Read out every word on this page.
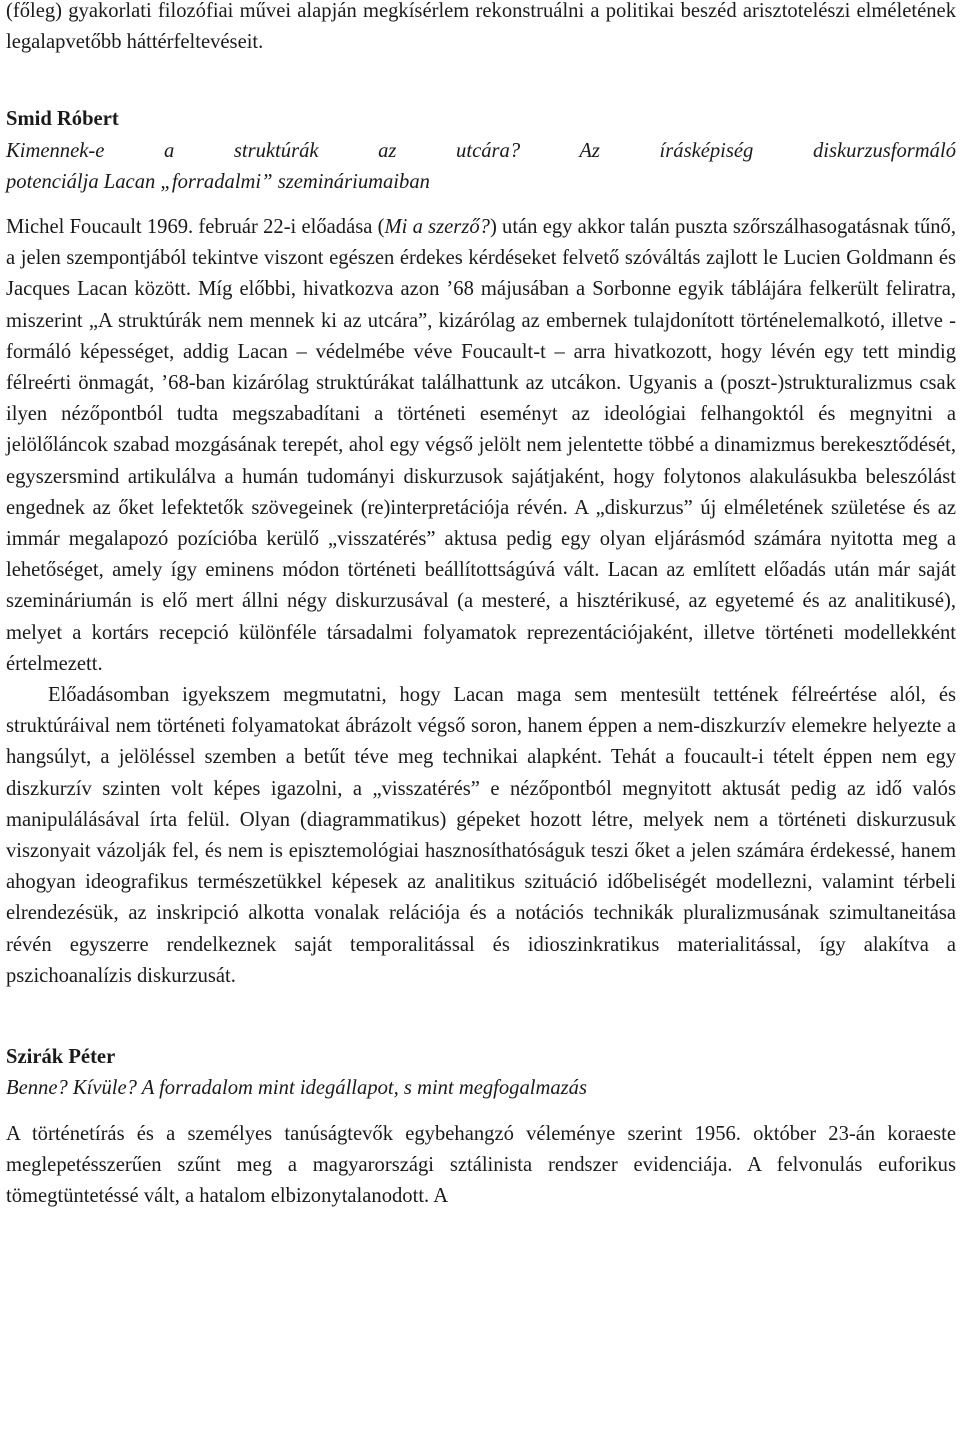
(főleg) gyakorlati filozófiai művei alapján megkísérlem rekonstruálni a politikai beszéd arisztotelészi elméletének legalapvetőbb háttérfeltevéseit.

Smid Róbert

Kimennek-e a struktúrák az utcára? Az írásképiség diskurzusformáló
potenciálja Lacan „forradalmi” szemináriumaiban

Michel Foucault 1969. február 22-i előadása (Mi a szerző?) után egy akkor talán puszta szőrszálhasogatásnak tűnő, a jelen szempontjából tekintve viszont egészen érdekes kérdéseket felvető szóváltás zajlott le Lucien Goldmann és Jacques Lacan között. Míg előbbi, hivatkozva azon ’68 májusában a Sorbonne egyik táblájára felkerült feliratra, miszerint „A struktúrák nem mennek ki az utcára”, kizárólag az embernek tulajdonított történelemalkotó, illetve -formáló képességet, addig Lacan – védelmébe véve Foucault-t – arra hivatkozott, hogy lévén egy tett mindig félreérti önmagát, ’68-ban kizárólag struktúrákat találhattunk az utcákon. Ugyanis a (poszt-)strukturalizmus csak ilyen nézőpontból tudta megszabadítani a történeti eseményt az ideológiai felhangoktól és megnyitni a jelölőláncok szabad mozgásának terepét, ahol egy végső jelölt nem jelentette többé a dinamizmus berekesztődését, egyszersmind artikulálva a humán tudományi diskurzusok sajátjaként, hogy folytonos alakulásukba beleszólást engednek az őket lefektetők szövegeinek (re)interpretációja révén. A „diskurzus” új elméletének születése és az immár megalapozó pozícióba kerülő „visszatérés” aktusa pedig egy olyan eljárásmód számára nyitotta meg a lehetőséget, amely így eminens módon történeti beállítottságúvá vált. Lacan az említett előadás után már saját szemináriumán is elő mert állni négy diskurzusával (a mesteré, a hisztérikusé, az egyetemé és az analitikusé), melyet a kortárs recepció különféle társadalmi folyamatok reprezentációjaként, illetve történeti modellekként értelmezett.

Előadásomban igyekszem megmutatni, hogy Lacan maga sem mentesült tettének félreértése alól, és struktúráival nem történeti folyamatokat ábrázolt végső soron, hanem éppen a nem-diszkurzív elemekre helyezte a hangsúlyt, a jelöléssel szemben a betűt téve meg technikai alapként. Tehát a foucault-i tételt éppen nem egy diszkurzív szinten volt képes igazolni, a „visszatérés” e nézőpontból megnyitott aktusát pedig az idő valós manipulálásával írta felül. Olyan (diagrammatikus) gépeket hozott létre, melyek nem a történeti diskurzusuk viszonyait vázolják fel, és nem is episztemológiai hasznosíthatóságuk teszi őket a jelen számára érdekessé, hanem ahogyan ideografikus természetükkel képesek az analitikus szituáció időbeliségét modellezni, valamint térbeli elrendezésük, az inskripció alkotta vonalak relációja és a notációs technikák pluralizmusának szimultaneitása révén egyszerre rendelkeznek saját temporalitással és idioszinkratikus materialitással, így alakítva a pszichoanalízis diskurzusát.

Szirák Péter

Benne? Kívüle? A forradalom mint idegállapot, s mint megfogalmazás

A történetírás és a személyes tanúságtevők egybehangzó véleménye szerint 1956. október 23-án koraeste meglepetésszerűen szűnt meg a magyarországi sztálinista rendszer evidenciája. A felvonulás euforikus tömegtüntetéssé vált, a hatalom elbizonytalanodott. A
